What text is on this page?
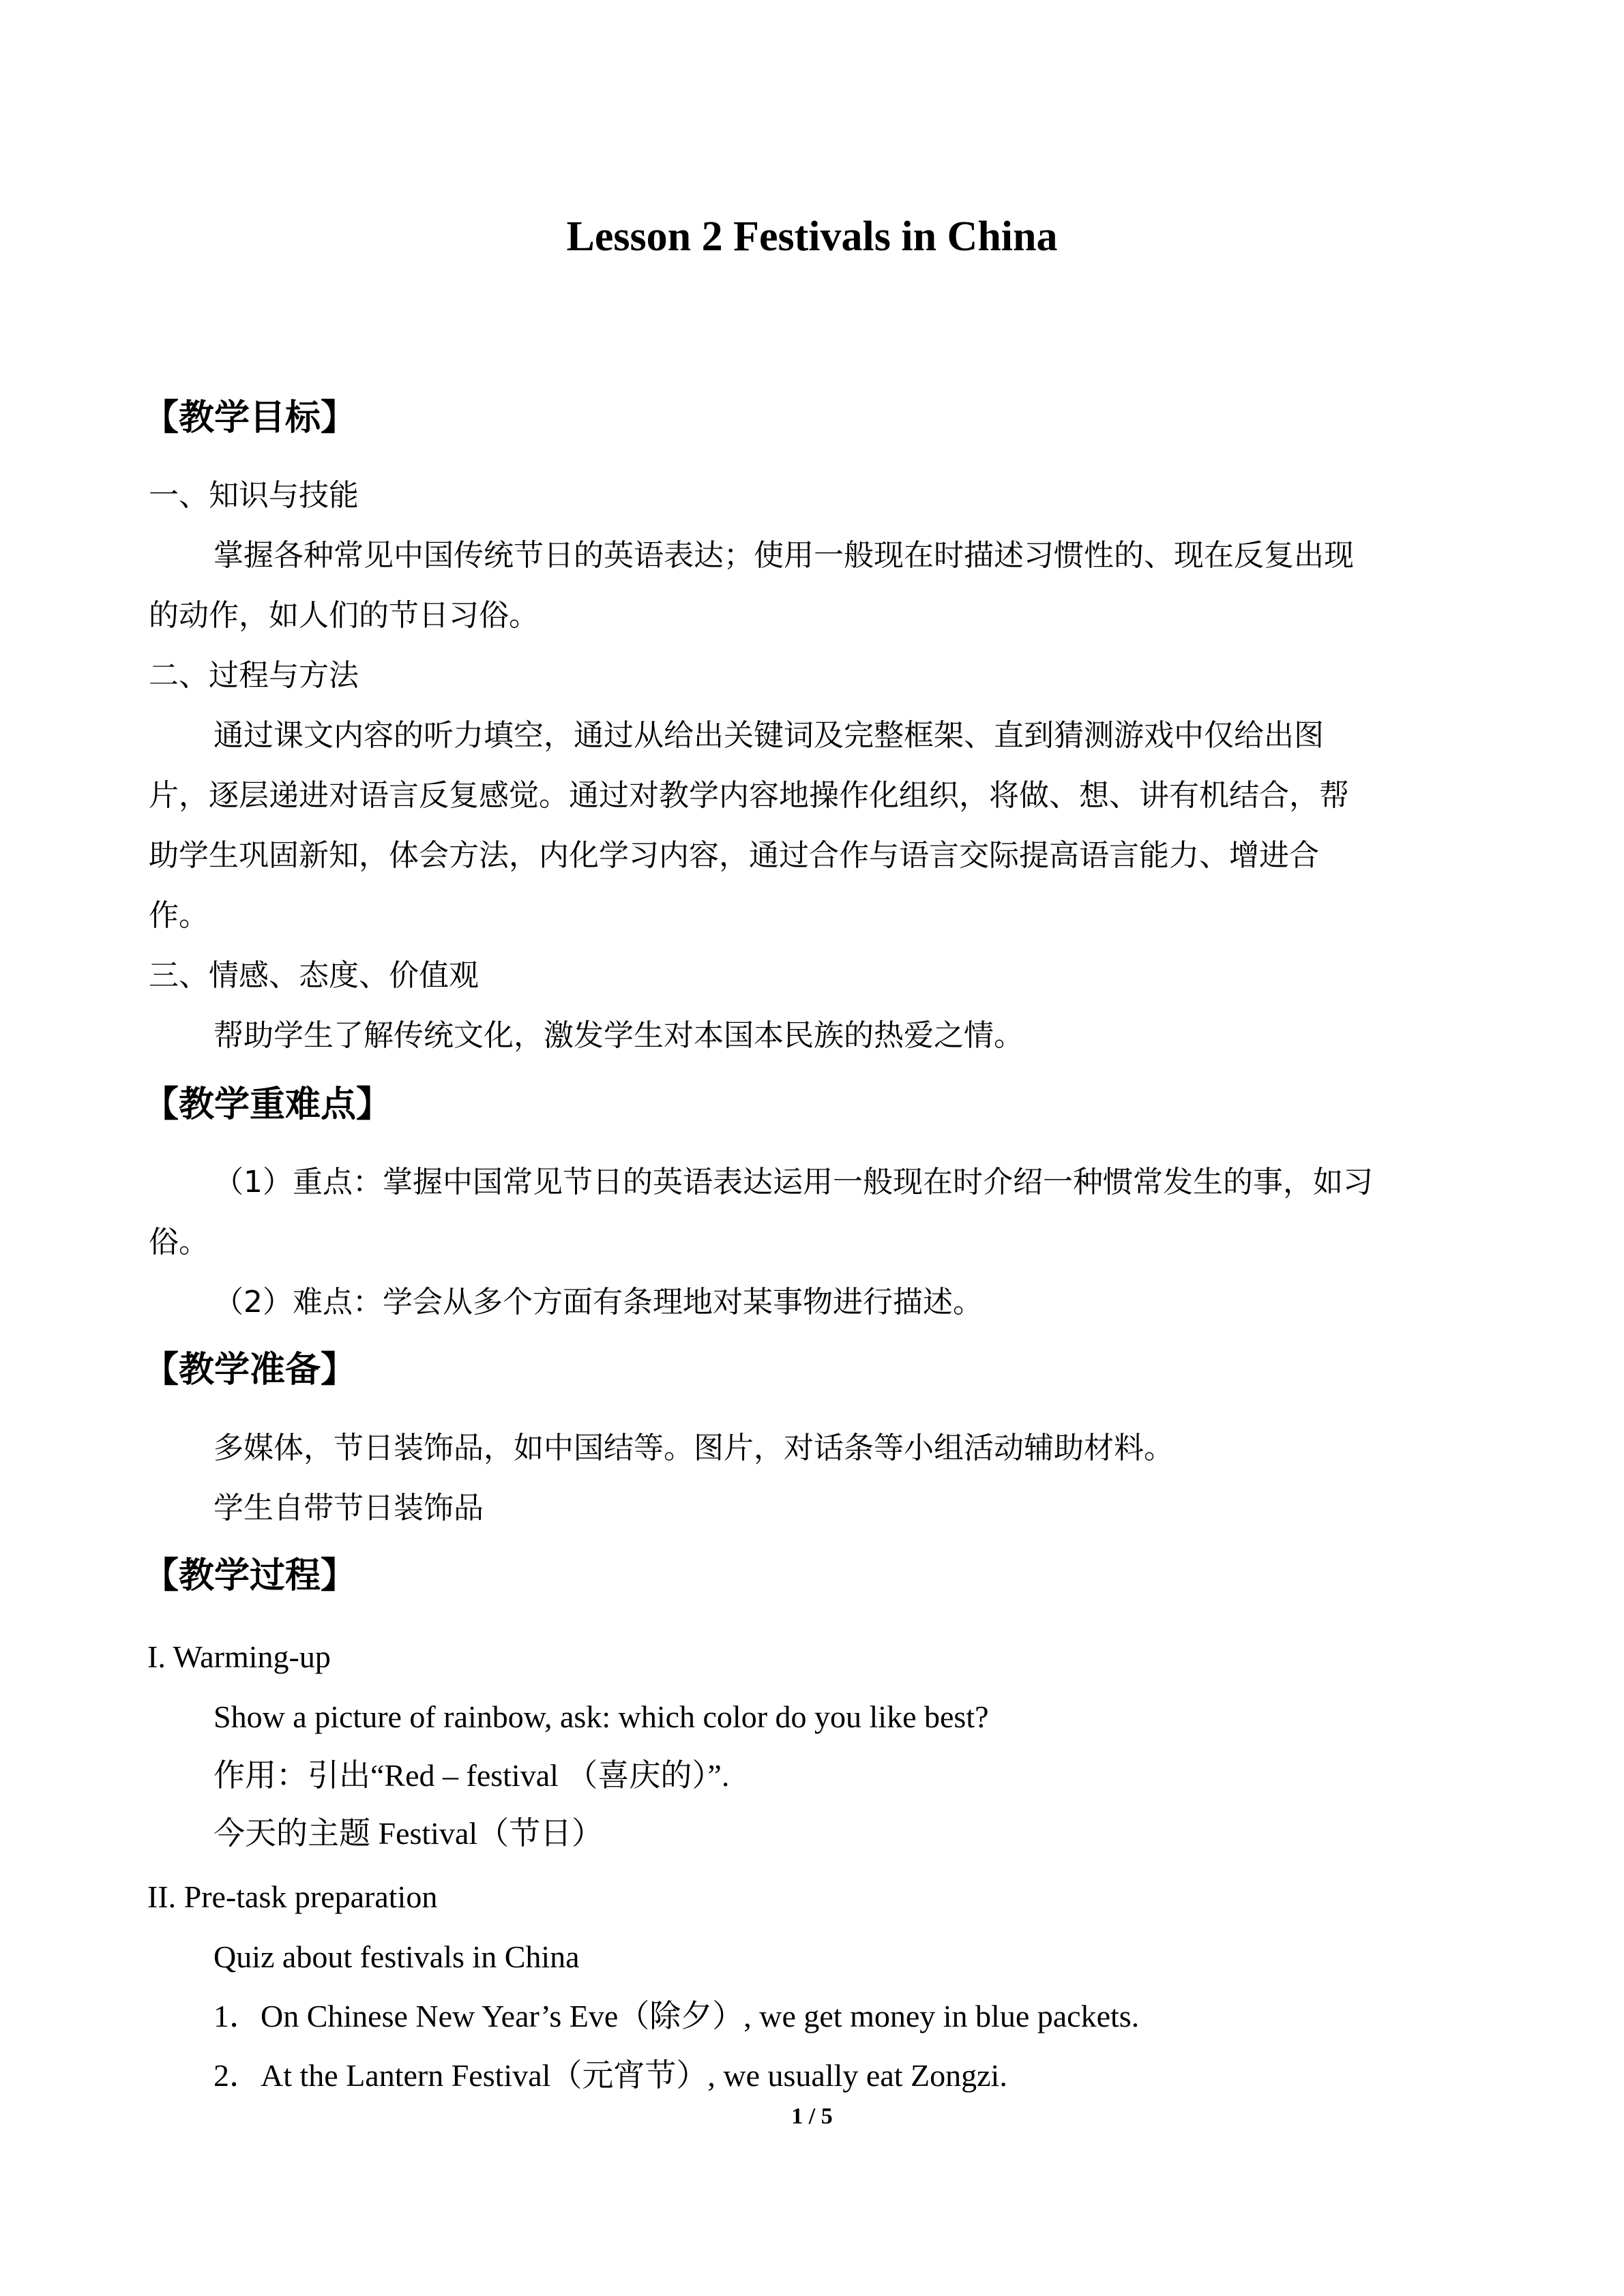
Lesson 2 Festivals in China
【教学目标】
一、知识与技能
掌握各种常见中国传统节日的英语表达；使用一般现在时描述习惯性的、现在反复出现
的动作，如人们的节日习俗。
二、过程与方法
通过课文内容的听力填空，通过从给出关键词及完整框架、直到猜测游戏中仅给出图
片，逐层递进对语言反复感觉。通过对教学内容地操作化组织，将做、想、讲有机结合，帮
助学生巩固新知，体会方法，内化学习内容，通过合作与语言交际提高语言能力、增进合
作。
三、情感、态度、价值观
帮助学生了解传统文化，激发学生对本国本民族的热爱之情。
【教学重难点】
（1）重点：掌握中国常见节日的英语表达运用一般现在时介绍一种惯常发生的事，如习
俗。
（2）难点：学会从多个方面有条理地对某事物进行描述。
【教学准备】
多媒体，节日装饰品，如中国结等。图片，对话条等小组活动辅助材料。
学生自带节日装饰品
【教学过程】
I. Warming-up
Show a picture of rainbow, ask: which color do you like best?
作用：引出“Red – festival （喜庆的）”.
今天的主题 Festival（节日）
II. Pre-task preparation
Quiz about festivals in China
1．On Chinese New Year’s Eve（除夕）, we get money in blue packets.
2．At the Lantern Festival（元宵节）, we usually eat Zongzi.
1 / 5
